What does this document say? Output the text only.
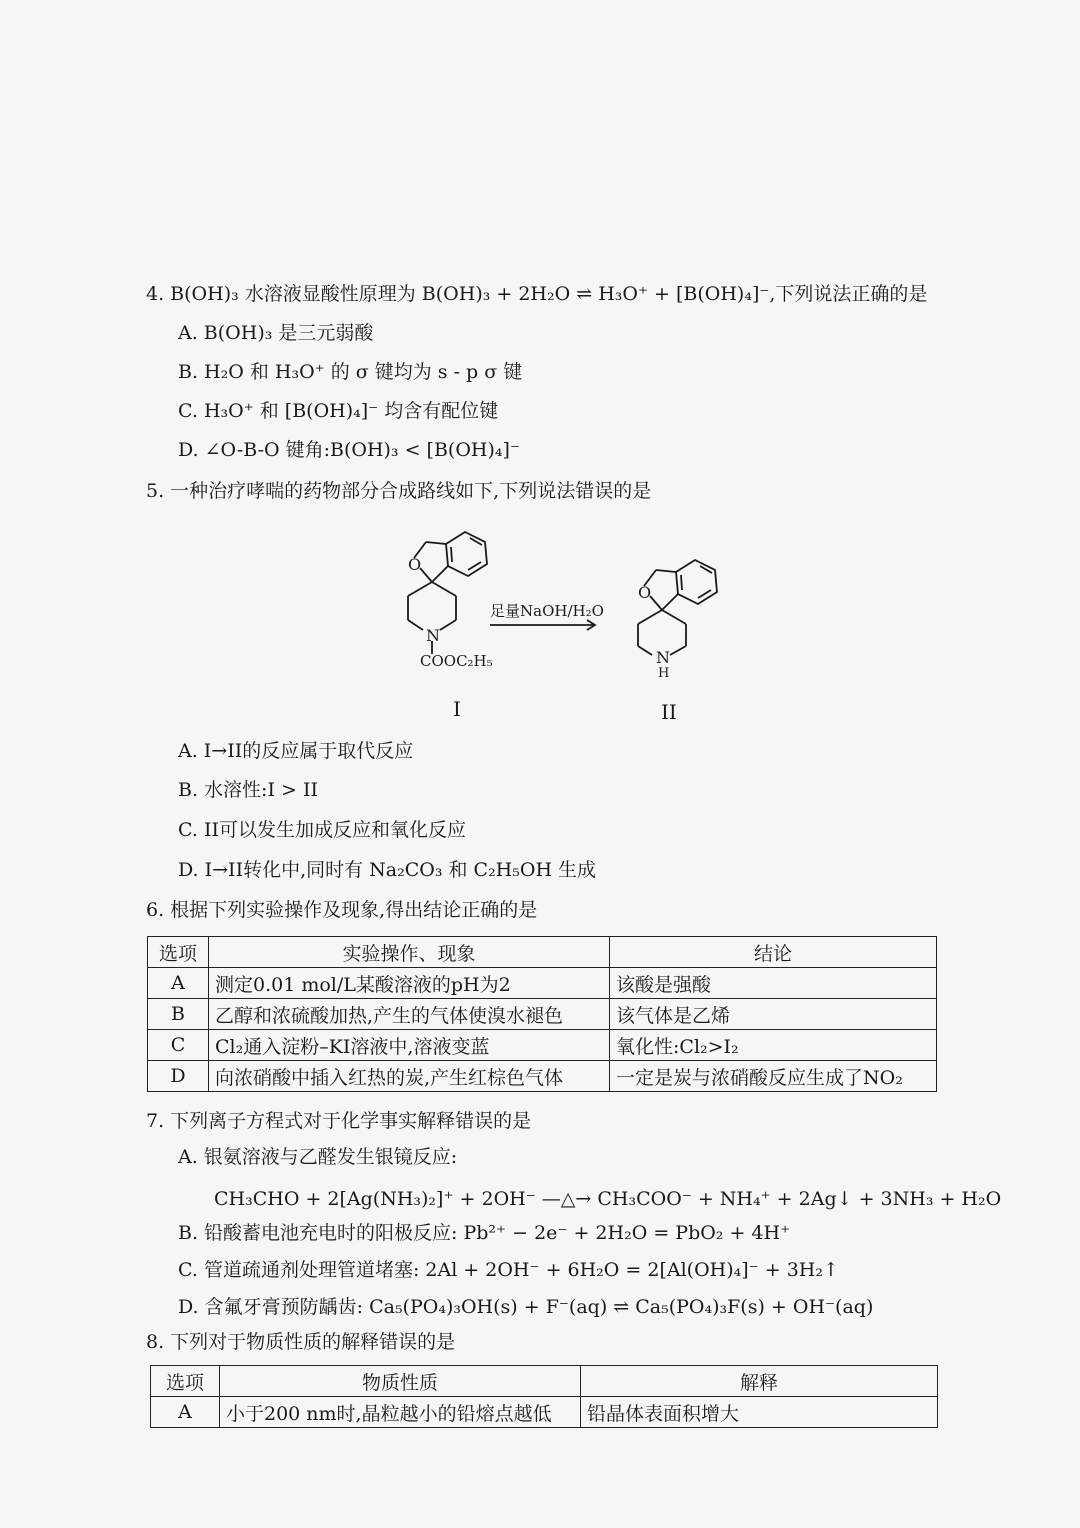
4. B(OH)₃ 水溶液显酸性原理为 B(OH)₃ + 2H₂O ⇌ H₃O⁺ + [B(OH)₄]⁻,下列说法正确的是
A. B(OH)₃ 是三元弱酸
B. H₂O 和 H₃O⁺ 的 σ 键均为 s - p σ 键
C. H₃O⁺ 和 [B(OH)₄]⁻ 均含有配位键
D. ∠O-B-O 键角:B(OH)₃ < [B(OH)₄]⁻
5. 一种治疗哮喘的药物部分合成路线如下,下列说法错误的是
O
N
O
N
H
足量NaOH/H₂O
COOC₂H₅
I	II
A. I→II的反应属于取代反应
B. 水溶性:I > II
C. II可以发生加成反应和氧化反应
D. I→II转化中,同时有 Na₂CO₃ 和 C₂H₅OH 生成
6. 根据下列实验操作及现象,得出结论正确的是
选项	实验操作、现象	结论
A	测定0.01 mol/L某酸溶液的pH为2	该酸是强酸
B	乙醇和浓硫酸加热,产生的气体使溴水褪色	该气体是乙烯
C	Cl₂通入淀粉–KI溶液中,溶液变蓝	氧化性:Cl₂>I₂
D	向浓硝酸中插入红热的炭,产生红棕色气体	一定是炭与浓硝酸反应生成了NO₂
7. 下列离子方程式对于化学事实解释错误的是
A. 银氨溶液与乙醛发生银镜反应:
CH₃CHO + 2[Ag(NH₃)₂]⁺ + 2OH⁻ —△→ CH₃COO⁻ + NH₄⁺ + 2Ag↓ + 3NH₃ + H₂O
B. 铅酸蓄电池充电时的阳极反应: Pb²⁺ − 2e⁻ + 2H₂O = PbO₂ + 4H⁺
C. 管道疏通剂处理管道堵塞: 2Al + 2OH⁻ + 6H₂O = 2[Al(OH)₄]⁻ + 3H₂↑
D. 含氟牙膏预防龋齿: Ca₅(PO₄)₃OH(s) + F⁻(aq) ⇌ Ca₅(PO₄)₃F(s) + OH⁻(aq)
8. 下列对于物质性质的解释错误的是
选项	物质性质	解释
A	小于200 nm时,晶粒越小的铅熔点越低	铅晶体表面积增大
